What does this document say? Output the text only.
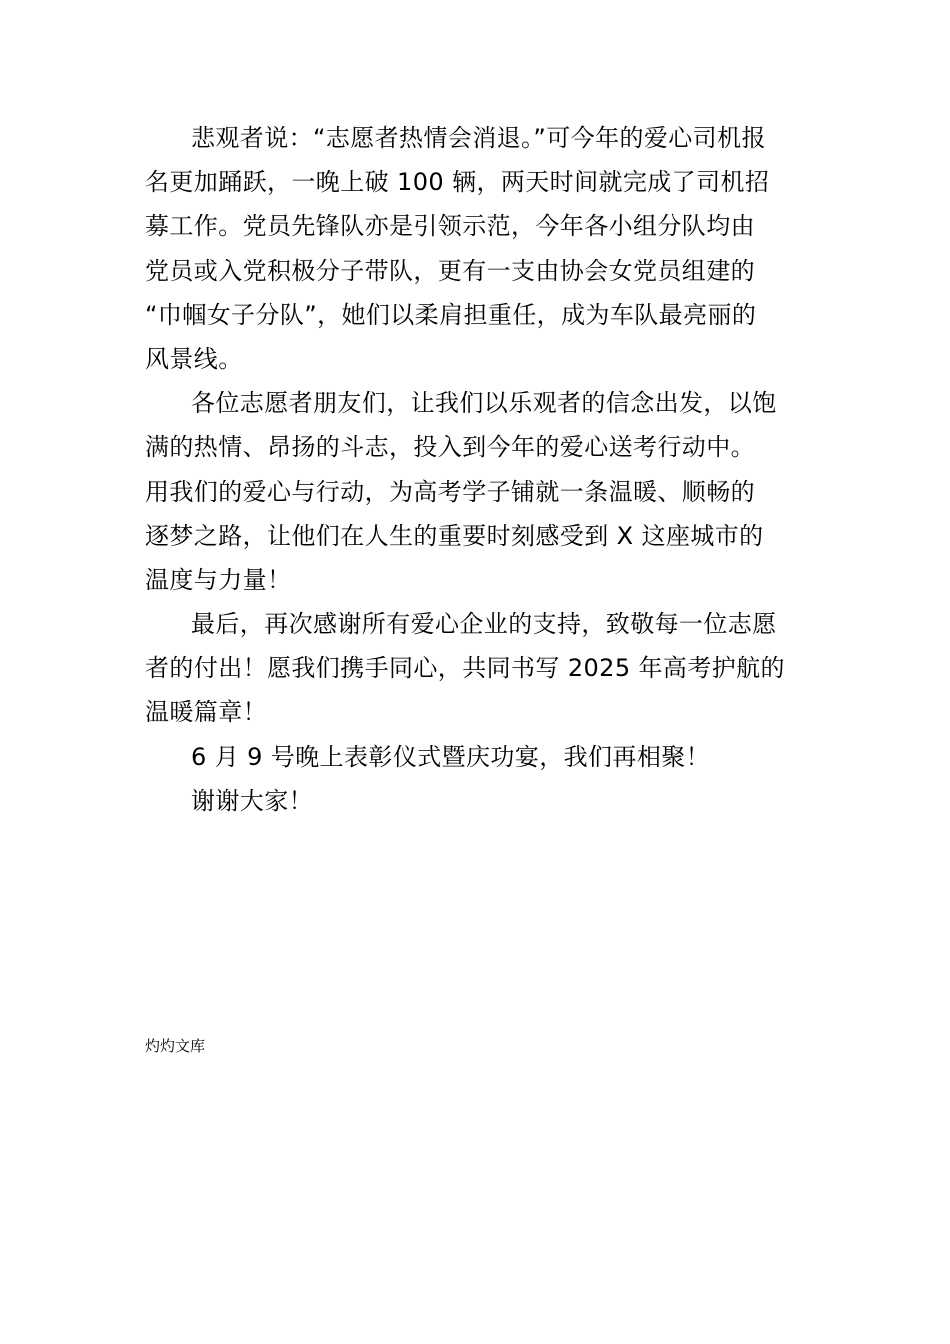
悲观者说：“志愿者热情会消退。”可今年的爱心司机报
名更加踊跃，一晚上破 100 辆，两天时间就完成了司机招
募工作。党员先锋队亦是引领示范，今年各小组分队均由
党员或入党积极分子带队，更有一支由协会女党员组建的
“巾帼女子分队”，她们以柔肩担重任，成为车队最亮丽的
风景线。

各位志愿者朋友们，让我们以乐观者的信念出发，以饱
满的热情、昂扬的斗志，投入到今年的爱心送考行动中。
用我们的爱心与行动，为高考学子铺就一条温暖、顺畅的
逐梦之路，让他们在人生的重要时刻感受到 X 这座城市的
温度与力量！

最后，再次感谢所有爱心企业的支持，致敬每一位志愿
者的付出！愿我们携手同心，共同书写 2025 年高考护航的
温暖篇章！

6 月 9 号晚上表彰仪式暨庆功宴，我们再相聚！

谢谢大家！

灼灼文库
